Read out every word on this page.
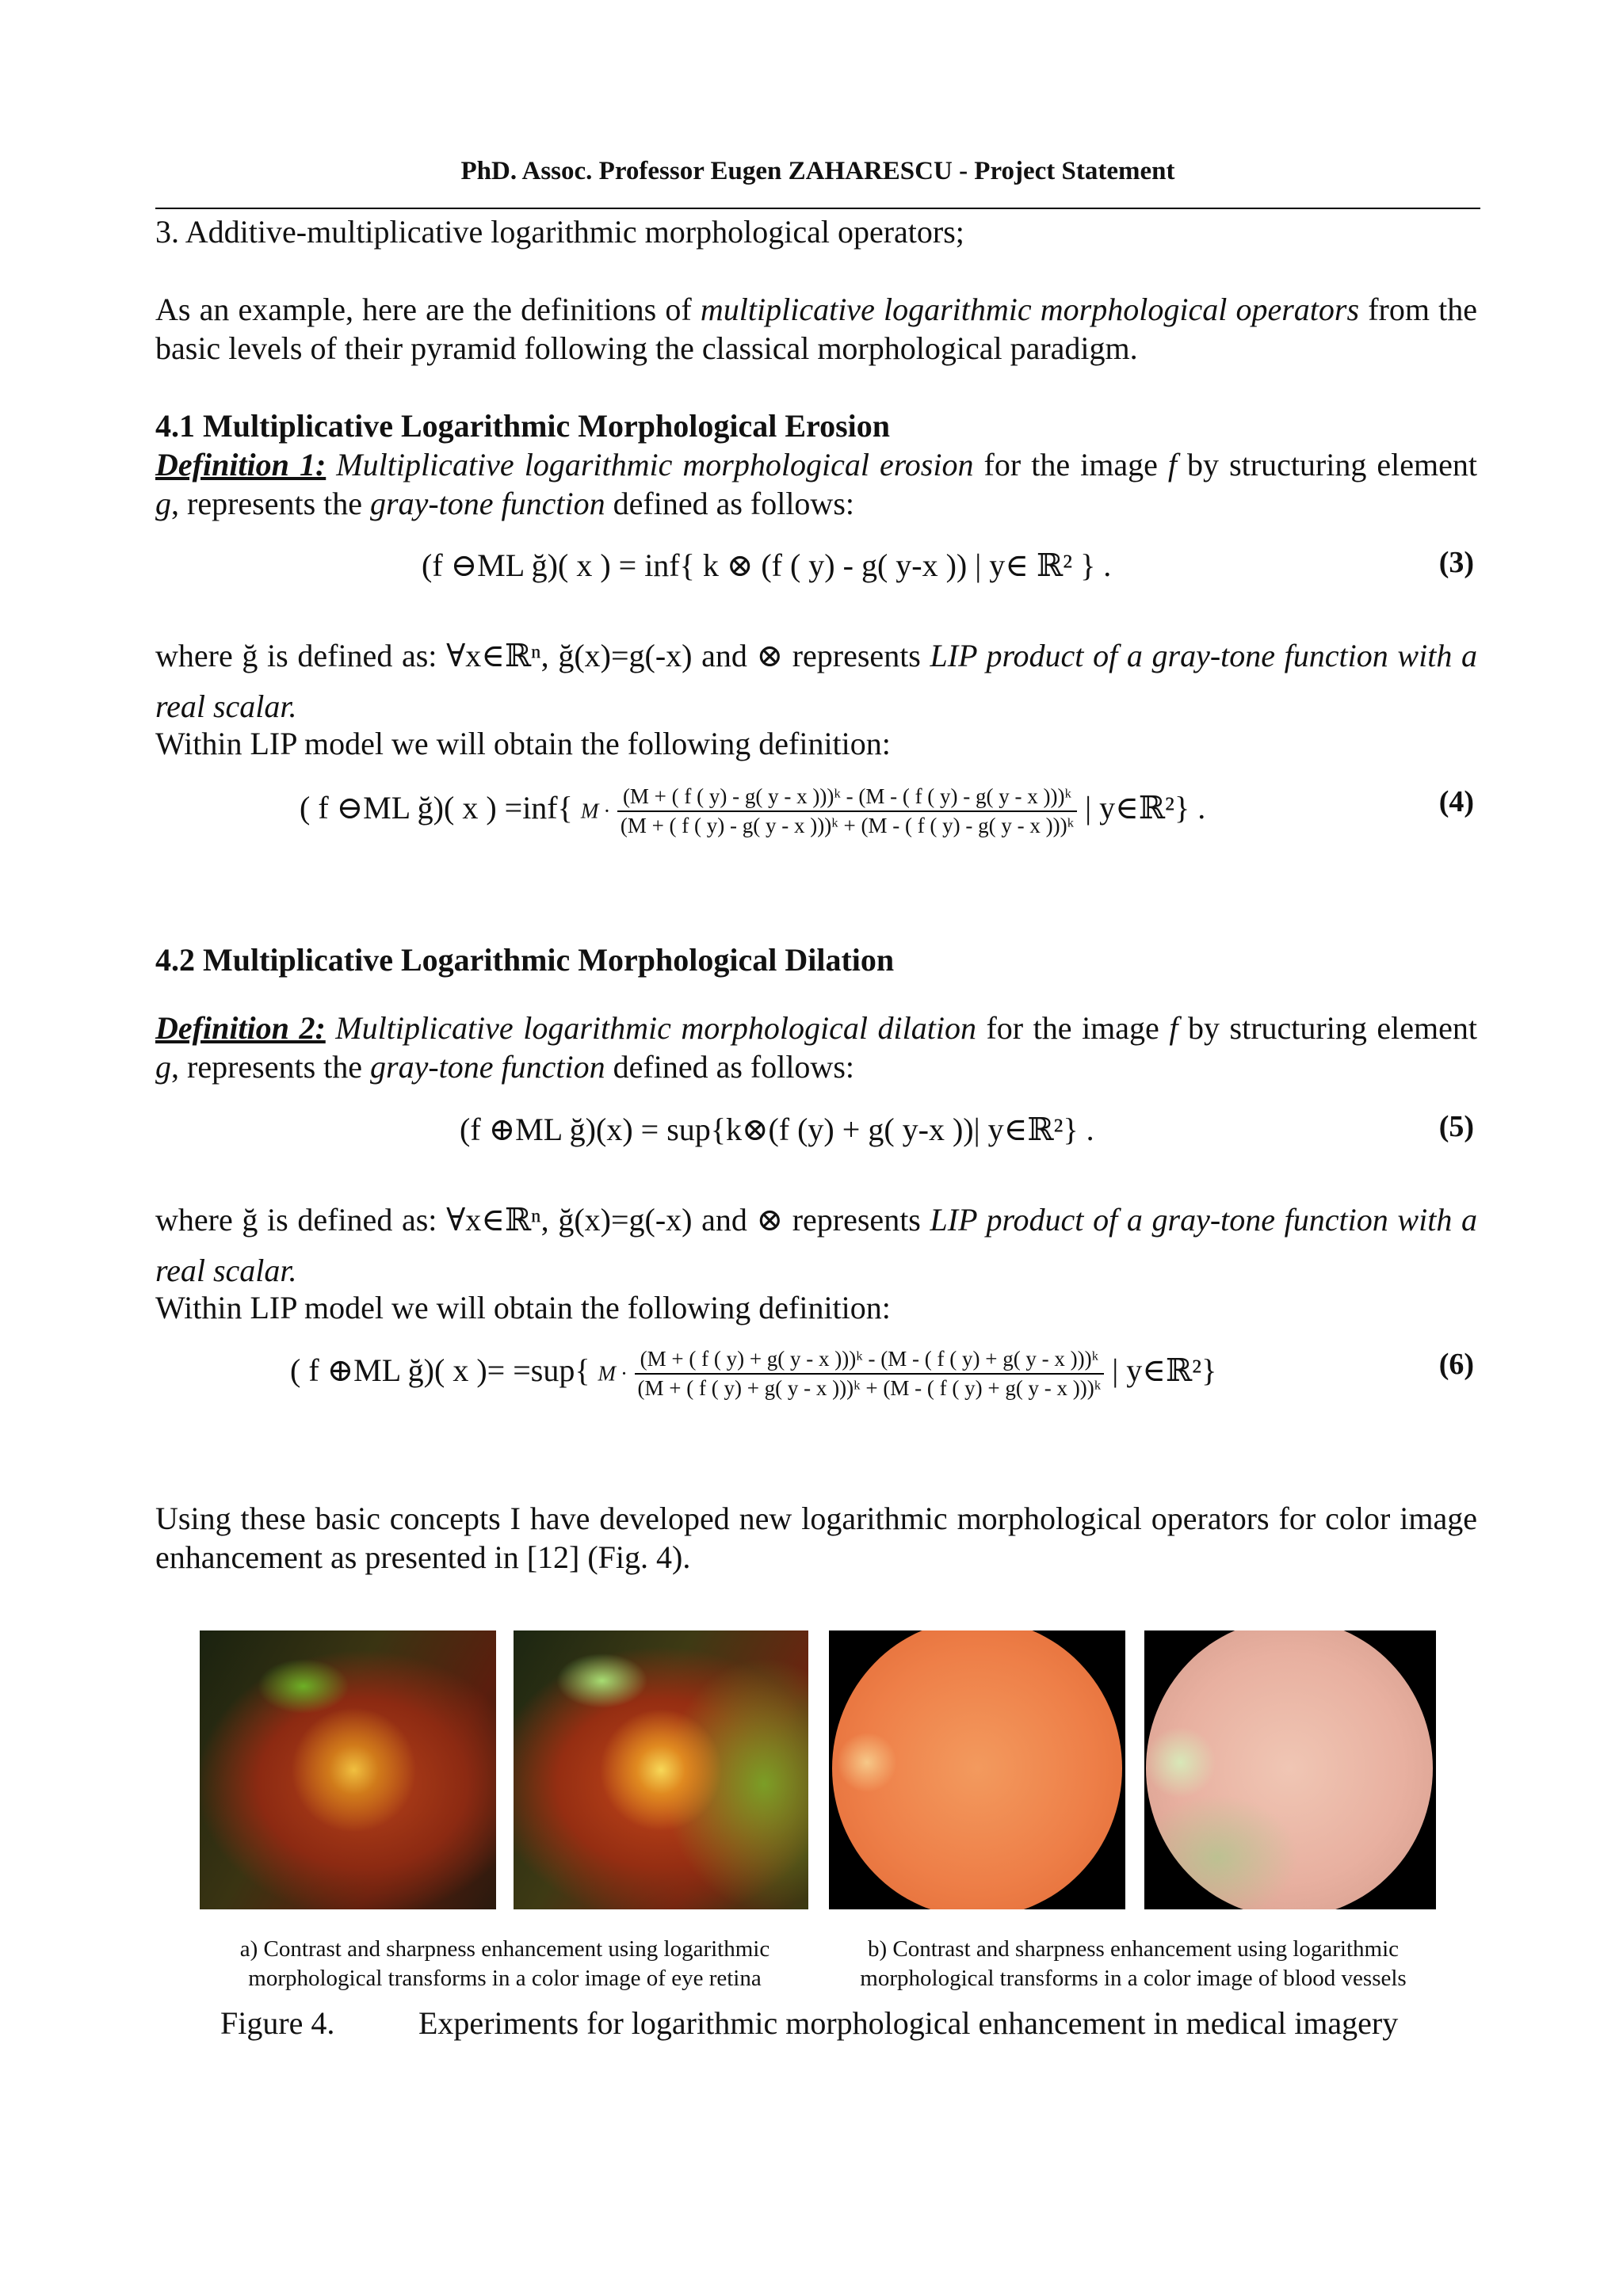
PhD. Assoc. Professor Eugen ZAHARESCU - Project Statement
3. Additive-multiplicative logarithmic morphological operators;
As an example, here are the definitions of multiplicative logarithmic morphological operators from the basic levels of their pyramid following the classical morphological paradigm.
4.1 Multiplicative Logarithmic Morphological Erosion
Definition 1: Multiplicative logarithmic morphological erosion for the image f by structuring element g, represents the gray-tone function defined as follows:
(f ⊖ML ğ)( x ) = inf{ k ⊗ (f ( y) - g( y-x )) | y∈ ℝ² } .	(3)
where ğ is defined as: ∀x∈ℝⁿ, ğ(x)=g(-x) and ⊗ represents LIP product of a gray-tone function with a real scalar.
Within LIP model we will obtain the following definition:
( f ⊖ML ğ)( x ) =inf{ M ·
(M + ( f ( y) - g( y - x )))ᵏ - (M - ( f ( y) - g( y - x )))ᵏ
(M + ( f ( y) - g( y - x )))ᵏ + (M - ( f ( y) - g( y - x )))ᵏ | y∈ℝ²} .	(4)
4.2 Multiplicative Logarithmic Morphological Dilation
Definition 2: Multiplicative logarithmic morphological dilation for the image f by structuring element g, represents the gray-tone function defined as follows:
(f ⊕ML ğ)(x) = sup{k⊗(f (y) + g( y-x ))| y∈ℝ²} .	(5)
where ğ is defined as: ∀x∈ℝⁿ, ğ(x)=g(-x) and ⊗ represents LIP product of a gray-tone function with a real scalar.
Within LIP model we will obtain the following definition:
( f ⊕ML ğ)( x )= =sup{ M ·
(M + ( f ( y) + g( y - x )))ᵏ - (M - ( f ( y) + g( y - x )))ᵏ
(M + ( f ( y) + g( y - x )))ᵏ + (M - ( f ( y) + g( y - x )))ᵏ | y∈ℝ²}	(6)
Using these basic concepts I have developed new logarithmic morphological operators for color image enhancement as presented in [12] (Fig. 4).
a) Contrast and sharpness enhancement using logarithmic morphological transforms in a color image of eye retina
b) Contrast and sharpness enhancement using logarithmic morphological transforms in a color image of blood vessels
Figure 4.	Experiments for logarithmic morphological enhancement in medical imagery
